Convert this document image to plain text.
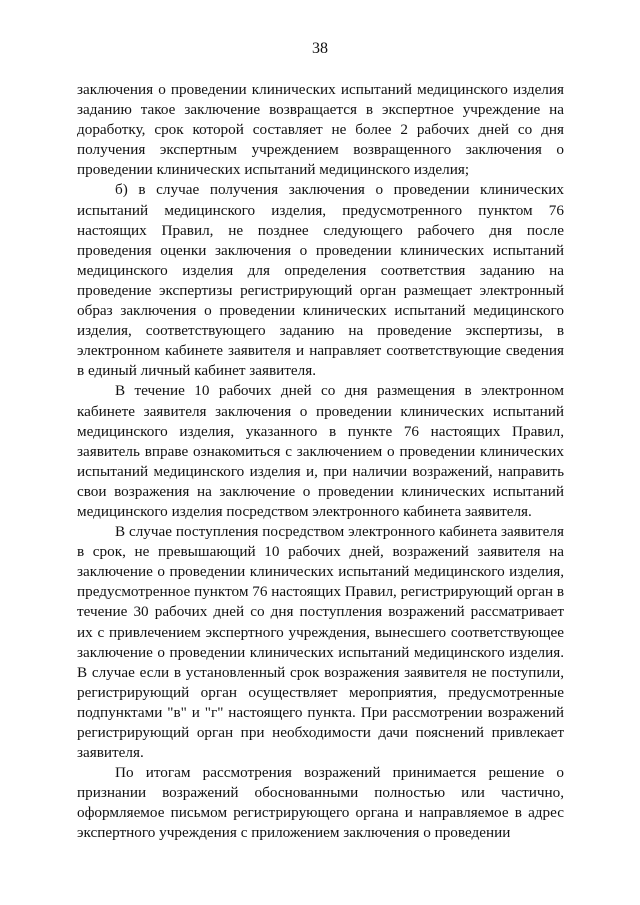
38

заключения о проведении клинических испытаний медицинского изделия заданию такое заключение возвращается в экспертное учреждение на доработку, срок которой составляет не более 2 рабочих дней со дня получения экспертным учреждением возвращенного заключения о проведении клинических испытаний медицинского изделия;

б) в случае получения заключения о проведении клинических испытаний медицинского изделия, предусмотренного пунктом 76 настоящих Правил, не позднее следующего рабочего дня после проведения оценки заключения о проведении клинических испытаний медицинского изделия для определения соответствия заданию на проведение экспертизы регистрирующий орган размещает электронный образ заключения о проведении клинических испытаний медицинского изделия, соответствующего заданию на проведение экспертизы, в электронном кабинете заявителя и направляет соответствующие сведения в единый личный кабинет заявителя.

В течение 10 рабочих дней со дня размещения в электронном кабинете заявителя заключения о проведении клинических испытаний медицинского изделия, указанного в пункте 76 настоящих Правил, заявитель вправе ознакомиться с заключением о проведении клинических испытаний медицинского изделия и, при наличии возражений, направить свои возражения на заключение о проведении клинических испытаний медицинского изделия посредством электронного кабинета заявителя.

В случае поступления посредством электронного кабинета заявителя в срок, не превышающий 10 рабочих дней, возражений заявителя на заключение о проведении клинических испытаний медицинского изделия, предусмотренное пунктом 76 настоящих Правил, регистрирующий орган в течение 30 рабочих дней со дня поступления возражений рассматривает их с привлечением экспертного учреждения, вынесшего соответствующее заключение о проведении клинических испытаний медицинского изделия. В случае если в установленный срок возражения заявителя не поступили, регистрирующий орган осуществляет мероприятия, предусмотренные подпунктами "в" и "г" настоящего пункта. При рассмотрении возражений регистрирующий орган при необходимости дачи пояснений привлекает заявителя.

По итогам рассмотрения возражений принимается решение о признании возражений обоснованными полностью или частично, оформляемое письмом регистрирующего органа и направляемое в адрес экспертного учреждения с приложением заключения о проведении
